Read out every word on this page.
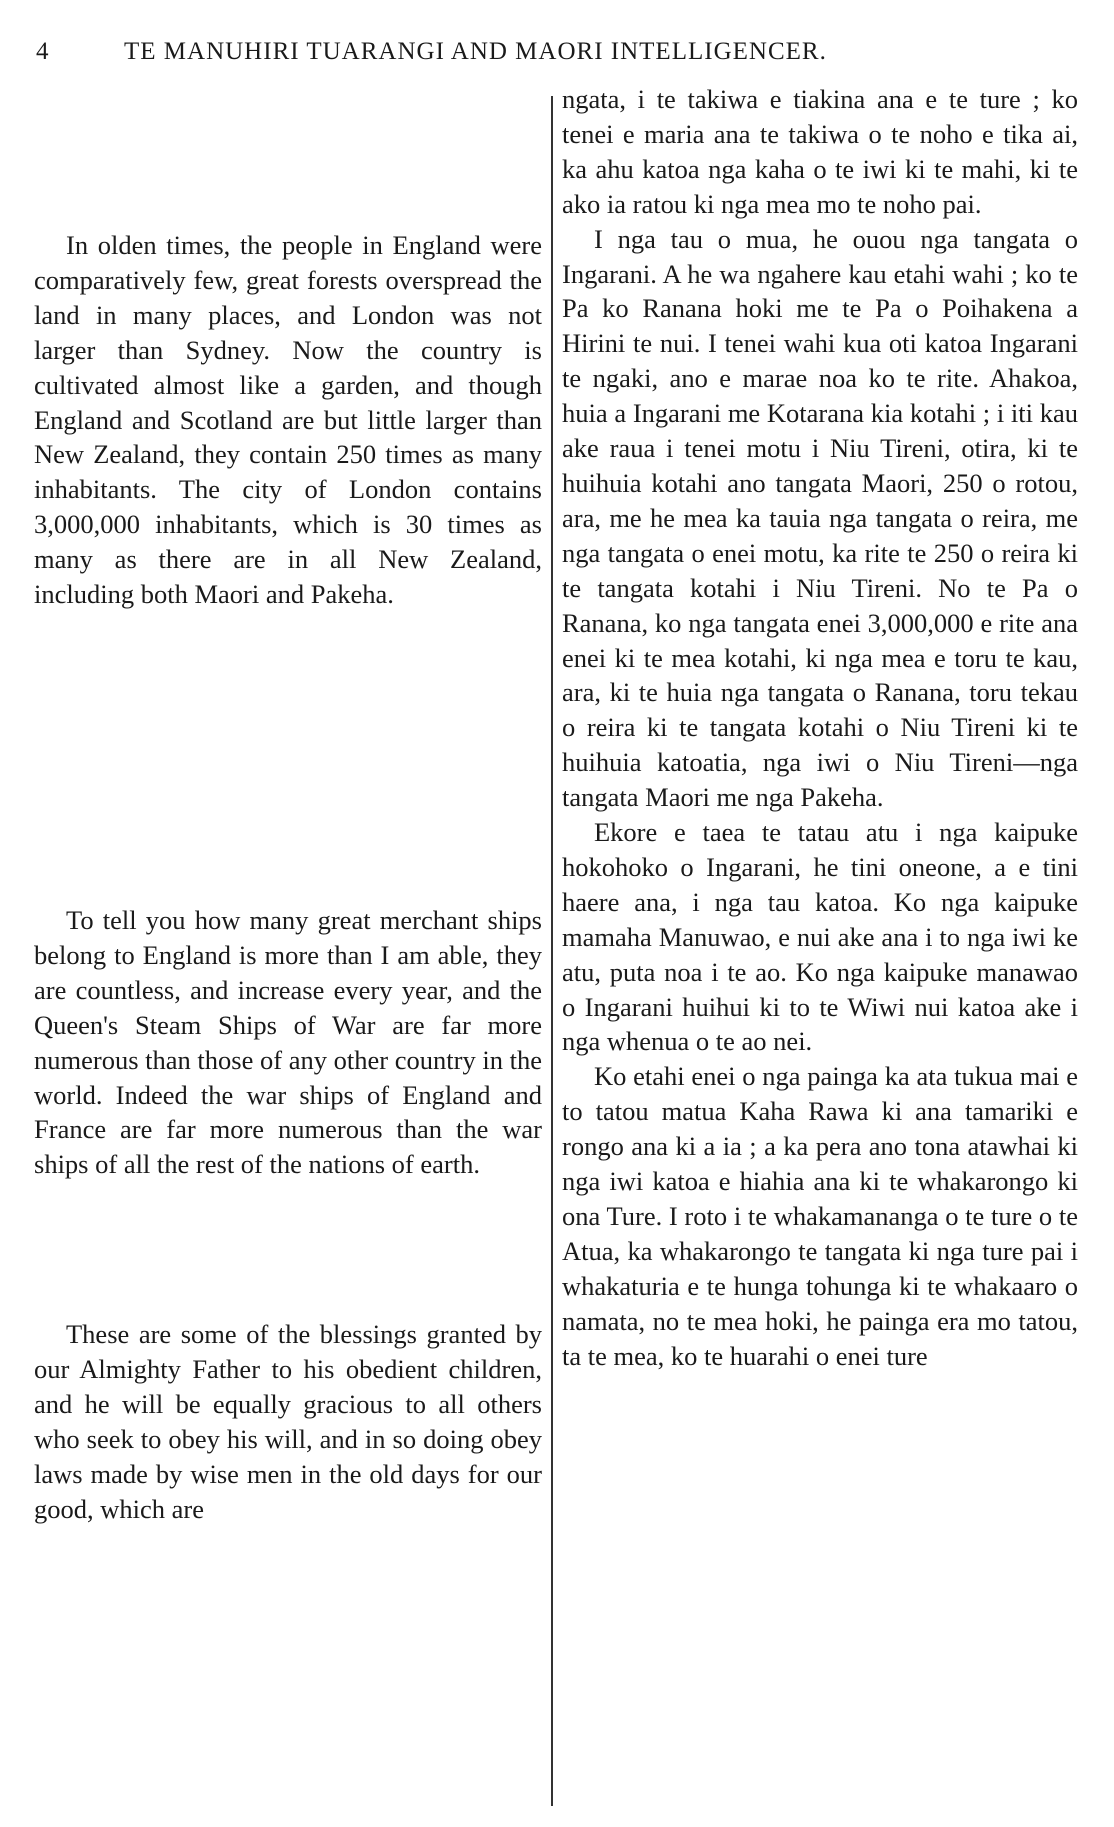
4	TE MANUHIRI TUARANGI AND MAORI INTELLIGENCER.

In olden times, the people in England were comparatively few, great forests overspread the land in many places, and London was not larger than Sydney. Now the country is cultivated almost like a garden, and though England and Scotland are but little larger than New Zealand, they contain 250 times as many inhabitants. The city of London contains 3,000,000 inhabitants, which is 30 times as many as there are in all New Zealand, including both Maori and Pakeha.

To tell you how many great merchant ships belong to England is more than I am able, they are countless, and increase every year, and the Queen's Steam Ships of War are far more numerous than those of any other country in the world. Indeed the war ships of England and France are far more numerous than the war ships of all the rest of the nations of earth.

These are some of the blessings granted by our Almighty Father to his obedient children, and he will be equally gracious to all others who seek to obey his will, and in so doing obey laws made by wise men in the old days for our good, which are

ngata, i te takiwa e tiakina ana e te ture ; ko tenei e maria ana te takiwa o te noho e tika ai, ka ahu katoa nga kaha o te iwi ki te mahi, ki te ako ia ratou ki nga mea mo te noho pai.

I nga tau o mua, he ouou nga tangata o Ingarani. A he wa ngahere kau etahi wahi ; ko te Pa ko Ranana hoki me te Pa o Poihakena a Hirini te nui. I tenei wahi kua oti katoa Ingarani te ngaki, ano e marae noa ko te rite. Ahakoa, huia a Ingarani me Kotarana kia kotahi ; i iti kau ake raua i tenei motu i Niu Tireni, otira, ki te huihuia kotahi ano tangata Maori, 250 o rotou, ara, me he mea ka tauia nga tangata o reira, me nga tangata o enei motu, ka rite te 250 o reira ki te tangata kotahi i Niu Tireni. No te Pa o Ranana, ko nga tangata enei 3,000,000 e rite ana enei ki te mea kotahi, ki nga mea e toru te kau, ara, ki te huia nga tangata o Ranana, toru tekau o reira ki te tangata kotahi o Niu Tireni ki te huihuia katoatia, nga iwi o Niu Tireni—nga tangata Maori me nga Pakeha.

Ekore e taea te tatau atu i nga kaipuke hokohoko o Ingarani, he tini oneone, a e tini haere ana, i nga tau katoa. Ko nga kaipuke mamaha Manuwao, e nui ake ana i to nga iwi ke atu, puta noa i te ao. Ko nga kaipuke manawao o Ingarani huihui ki to te Wiwi nui katoa ake i nga whenua o te ao nei.

Ko etahi enei o nga painga ka ata tukua mai e to tatou matua Kaha Rawa ki ana tamariki e rongo ana ki a ia ; a ka pera ano tona atawhai ki nga iwi katoa e hiahia ana ki te whakarongo ki ona Ture. I roto i te whakamananga o te ture o te Atua, ka whakarongo te tangata ki nga ture pai i whakaturia e te hunga tohunga ki te whakaaro o namata, no te mea hoki, he painga era mo tatou, ta te mea, ko te huarahi o enei ture
